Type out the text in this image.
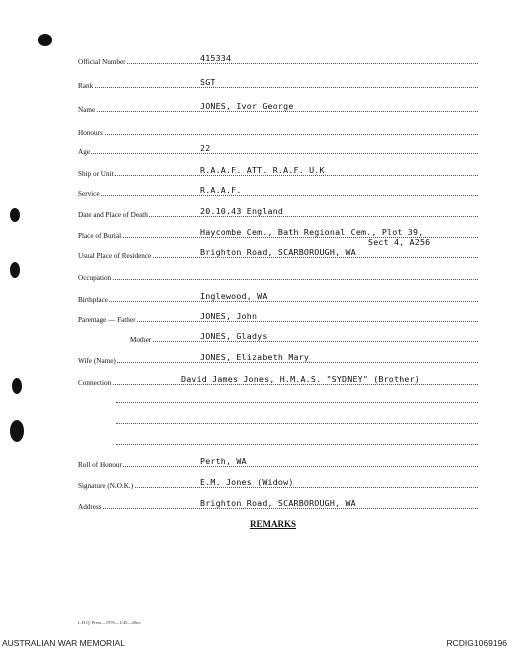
Official Number	415334
Rank	SGT
Name	JONES, Ivor George
Honours
Age	22
Ship or Unit	R.A.A.F. ATT. R.A.F. U.K
Service	R.A.A.F.
Date and Place of Death	20.10.43 England
Place of Burial	Haycombe Cem., Bath Regional Cem., Plot 39,
Sect 4, A256
Usual Place of Residence	Brighton Road, SCARBOROUGH, WA
Occupation
Birthplace	Inglewood, WA
Parentage — Father	JONES, John
Mother	JONES, Gladys
Wife (Name)	JONES, Elizabeth Mary
Connection	David James Jones, H.M.A.S. "SYDNEY" (Brother)
Roll of Honour	Perth, WA
Signature (N.O.K.)	E.M. Jones (Widow)
Address	Brighton Road, SCARBOROUGH, WA
REMARKS
L.H.Q. Press—1976—1/45—20m.
AUSTRALIAN WAR MEMORIAL	RCDIG1069196
